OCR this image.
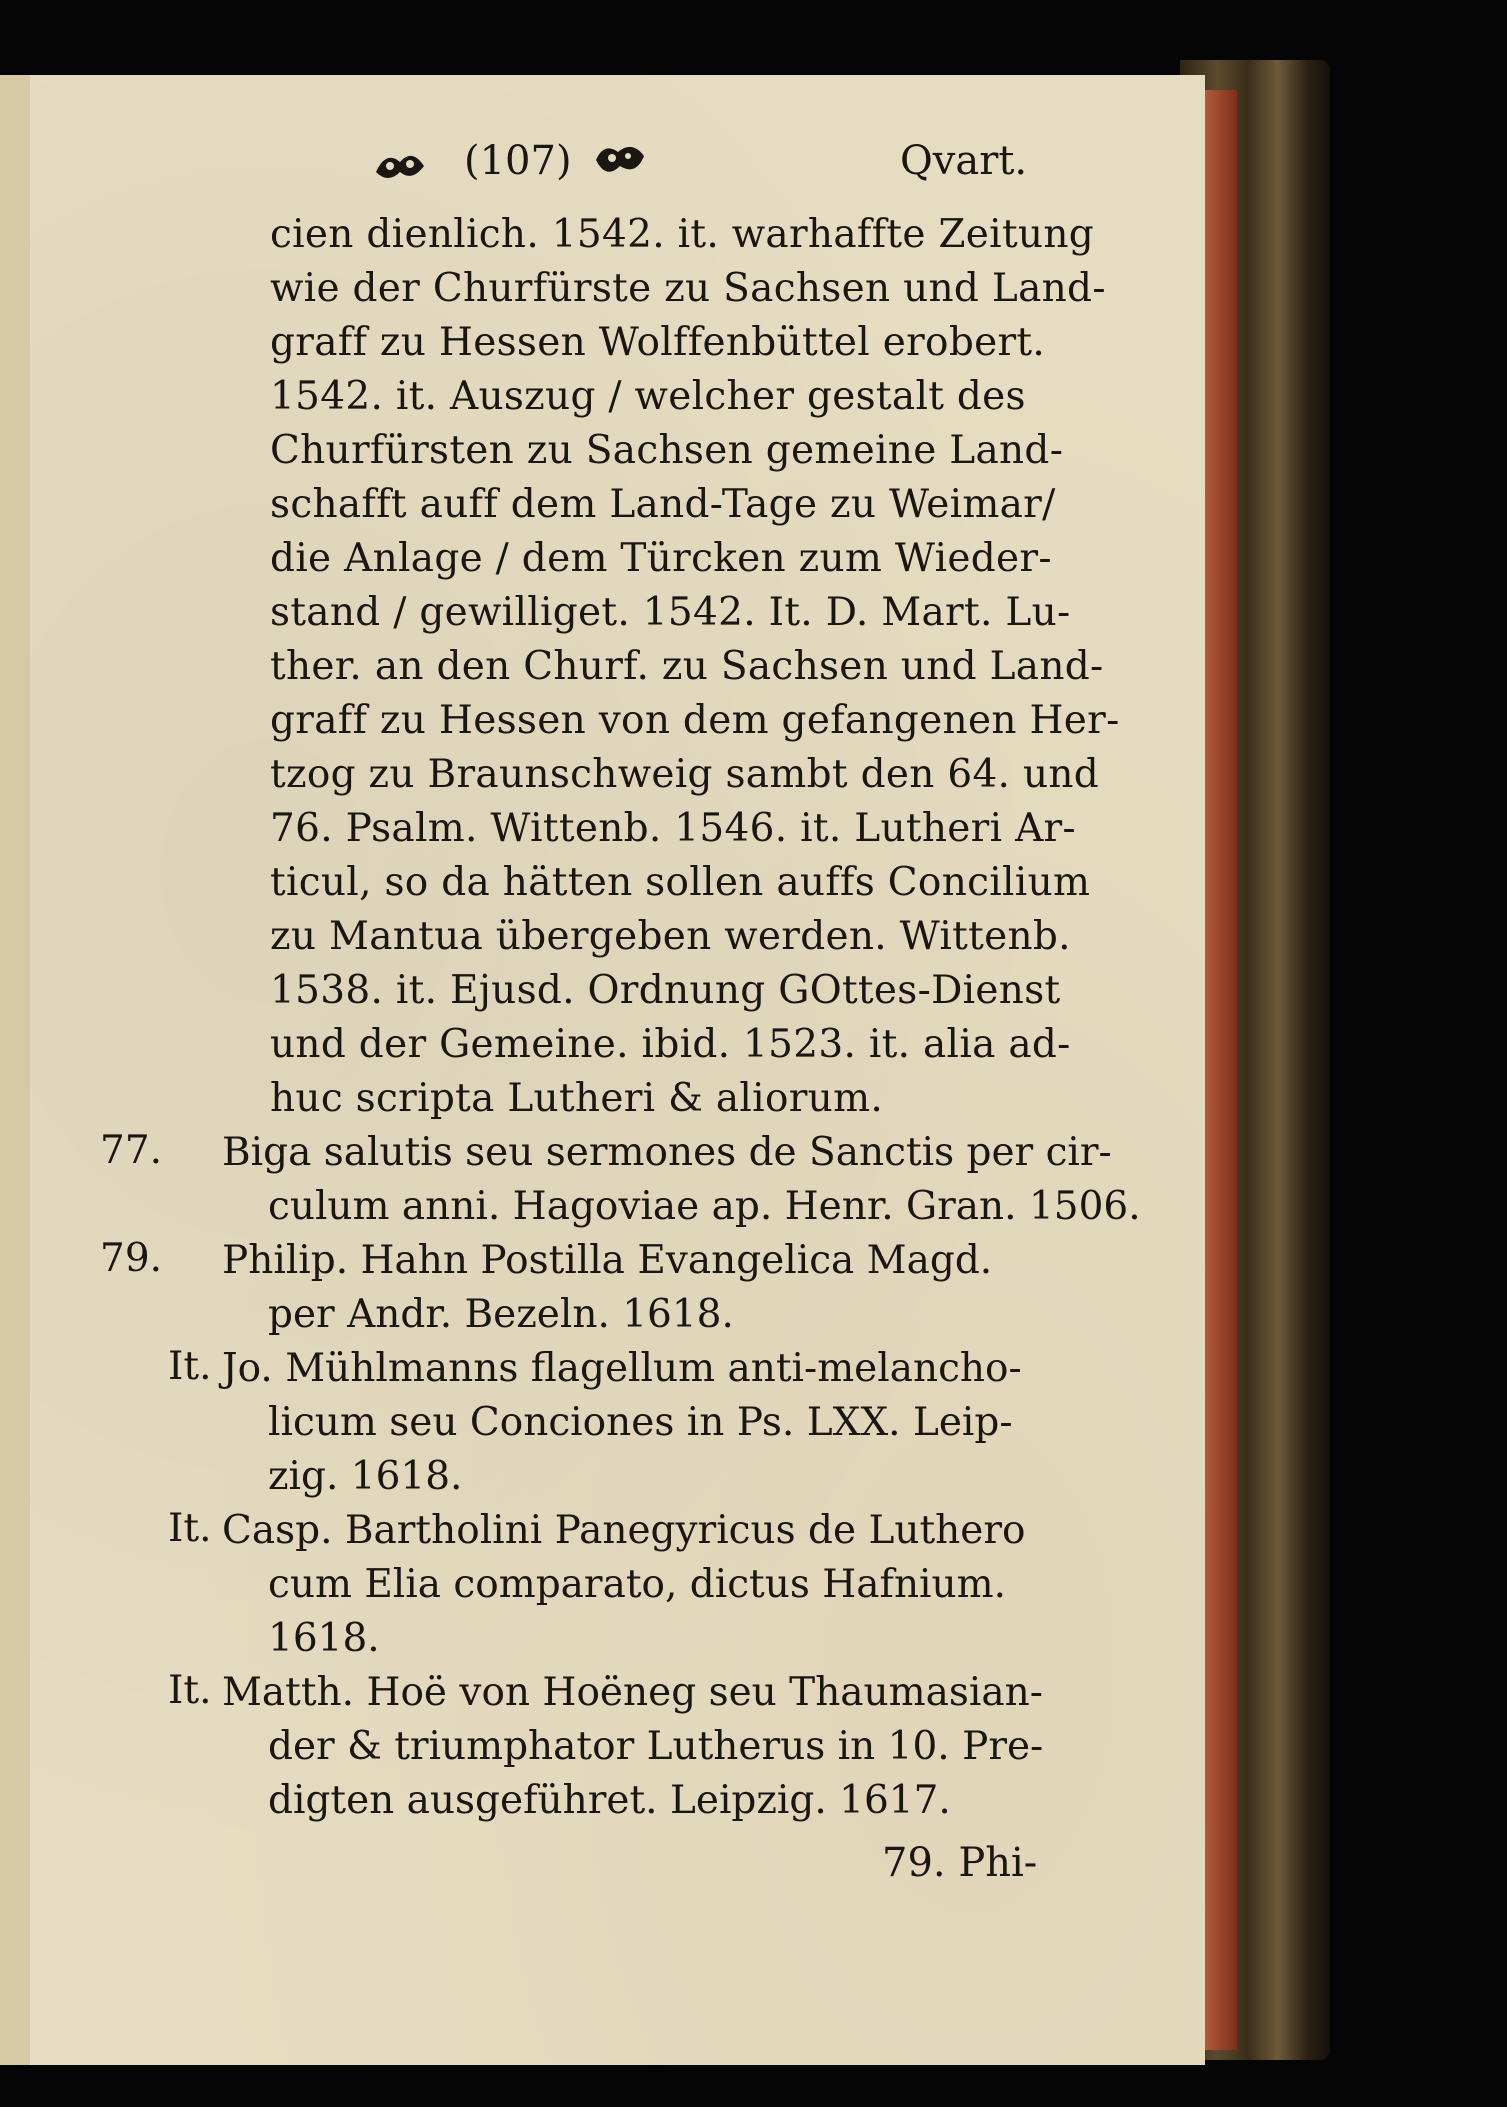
(107)	Qvart.
cien dienlich. 1542. it. warhaffte Zeitung
wie der Churfürste zu Sachsen und Land-
graff zu Hessen Wolffenbüttel erobert.
1542. it. Auszug / welcher gestalt des
Churfürsten zu Sachsen gemeine Land-
schafft auff dem Land-Tage zu Weimar/
die Anlage / dem Türcken zum Wieder-
stand / gewilliget. 1542. It. D. Mart. Lu-
ther. an den Churf. zu Sachsen und Land-
graff zu Hessen von dem gefangenen Her-
tzog zu Braunschweig sambt den 64. und
76. Psalm. Wittenb. 1546. it. Lutheri Ar-
ticul, so da hätten sollen auffs Concilium
zu Mantua übergeben werden. Wittenb.
1538. it. Ejusd. Ordnung GOttes-Dienst
und der Gemeine. ibid. 1523. it. alia ad-
huc scripta Lutheri & aliorum.
77. Biga salutis seu sermones de Sanctis per cir-
culum anni. Hagoviae ap. Henr. Gran. 1506.
79. Philip. Hahn Postilla Evangelica Magd.
per Andr. Bezeln. 1618.
It. Jo. Mühlmanns flagellum anti-melancho-
licum seu Conciones in Ps. LXX. Leip-
zig. 1618.
It. Casp. Bartholini Panegyricus de Luthero
cum Elia comparato, dictus Hafnium.
1618.
It. Matth. Hoë von Hoëneg seu Thaumasian-
der & triumphator Lutherus in 10. Pre-
digten ausgeführet. Leipzig. 1617.
79. Phi-
